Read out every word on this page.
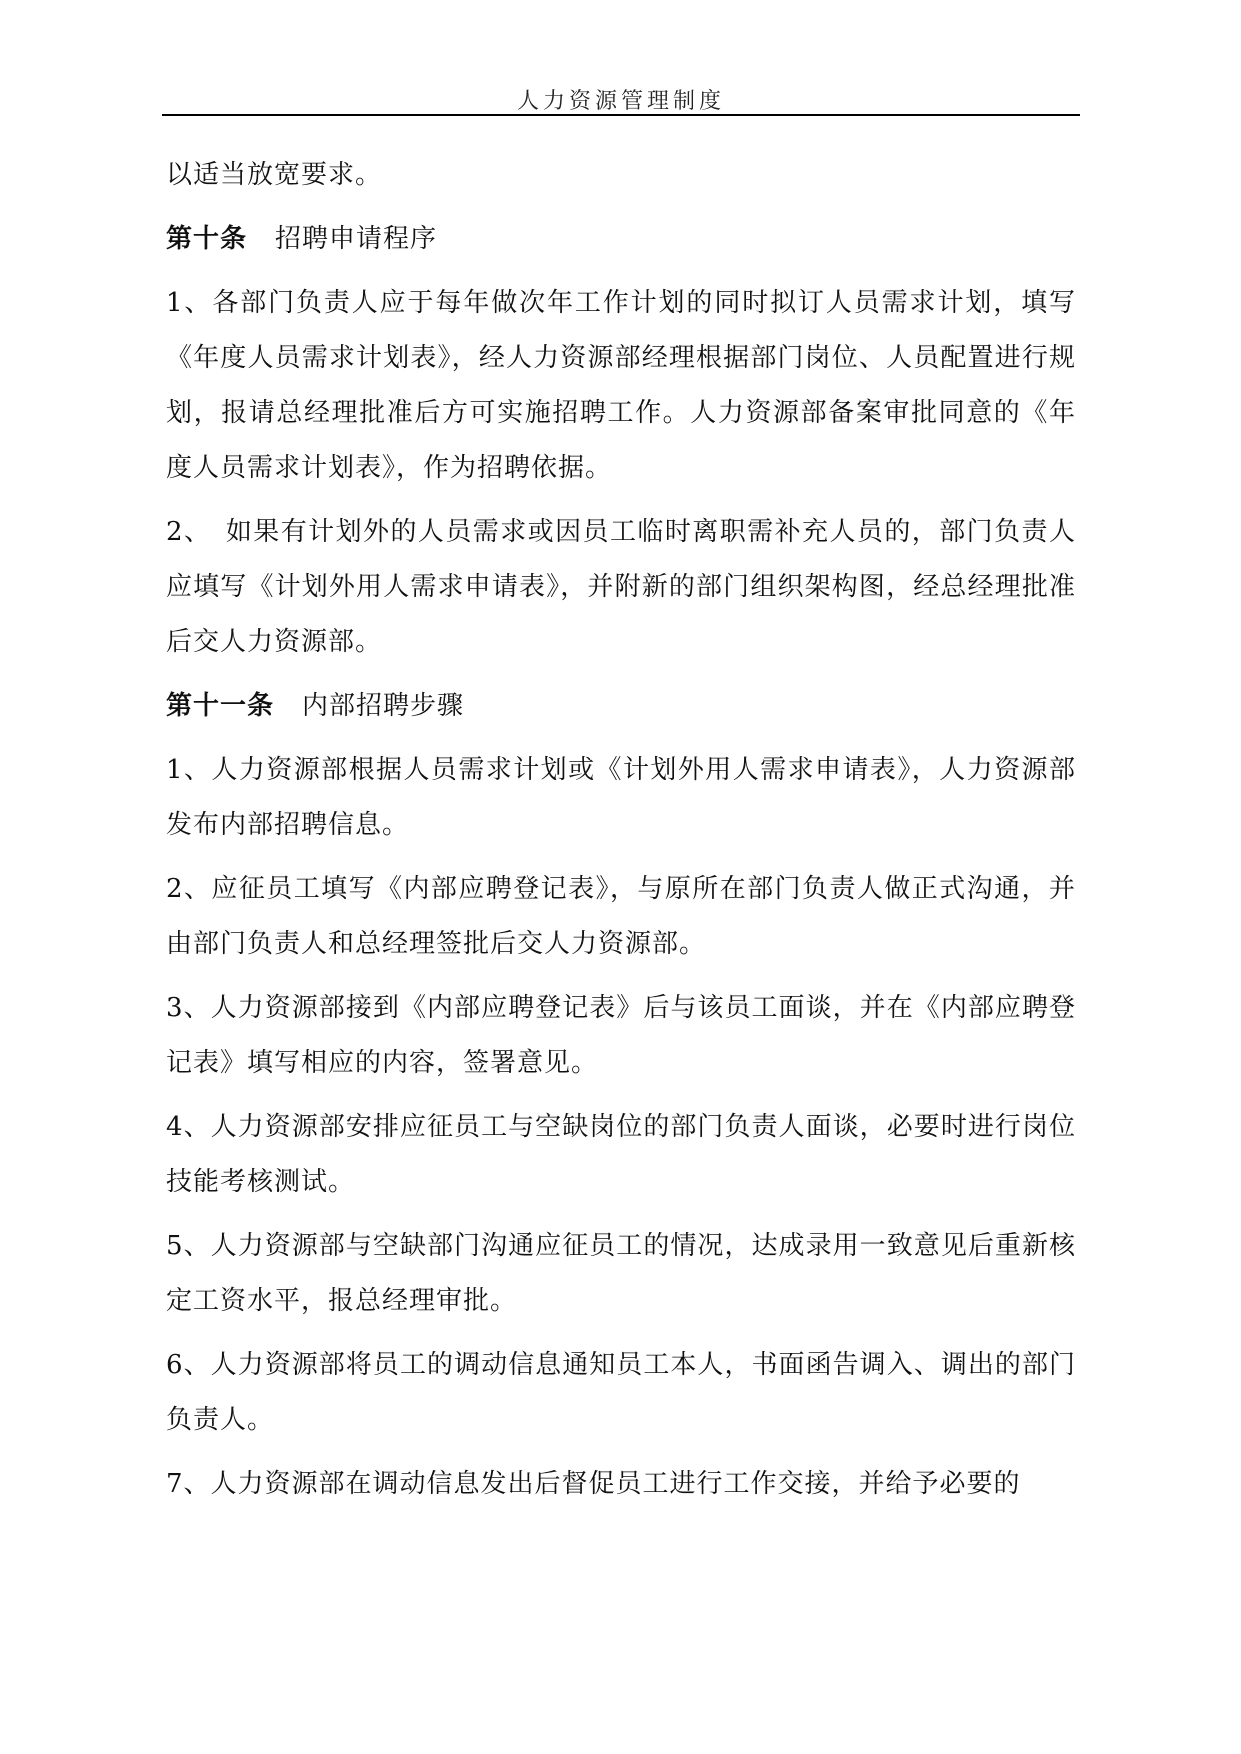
人力资源管理制度

以适当放宽要求。

第十条 招聘申请程序

1、各部门负责人应于每年做次年工作计划的同时拟订人员需求计划，填写《年度人员需求计划表》，经人力资源部经理根据部门岗位、人员配置进行规划，报请总经理批准后方可实施招聘工作。人力资源部备案审批同意的《年度人员需求计划表》，作为招聘依据。

2、　如果有计划外的人员需求或因员工临时离职需补充人员的，部门负责人应填写《计划外用人需求申请表》，并附新的部门组织架构图，经总经理批准后交人力资源部。

第十一条 内部招聘步骤

1、人力资源部根据人员需求计划或《计划外用人需求申请表》，人力资源部发布内部招聘信息。

2、应征员工填写《内部应聘登记表》，与原所在部门负责人做正式沟通，并由部门负责人和总经理签批后交人力资源部。

3、人力资源部接到《内部应聘登记表》后与该员工面谈，并在《内部应聘登记表》填写相应的内容，签署意见。

4、人力资源部安排应征员工与空缺岗位的部门负责人面谈，必要时进行岗位技能考核测试。

5、人力资源部与空缺部门沟通应征员工的情况，达成录用一致意见后重新核定工资水平，报总经理审批。

6、人力资源部将员工的调动信息通知员工本人，书面函告调入、调出的部门负责人。

7、人力资源部在调动信息发出后督促员工进行工作交接，并给予必要的
